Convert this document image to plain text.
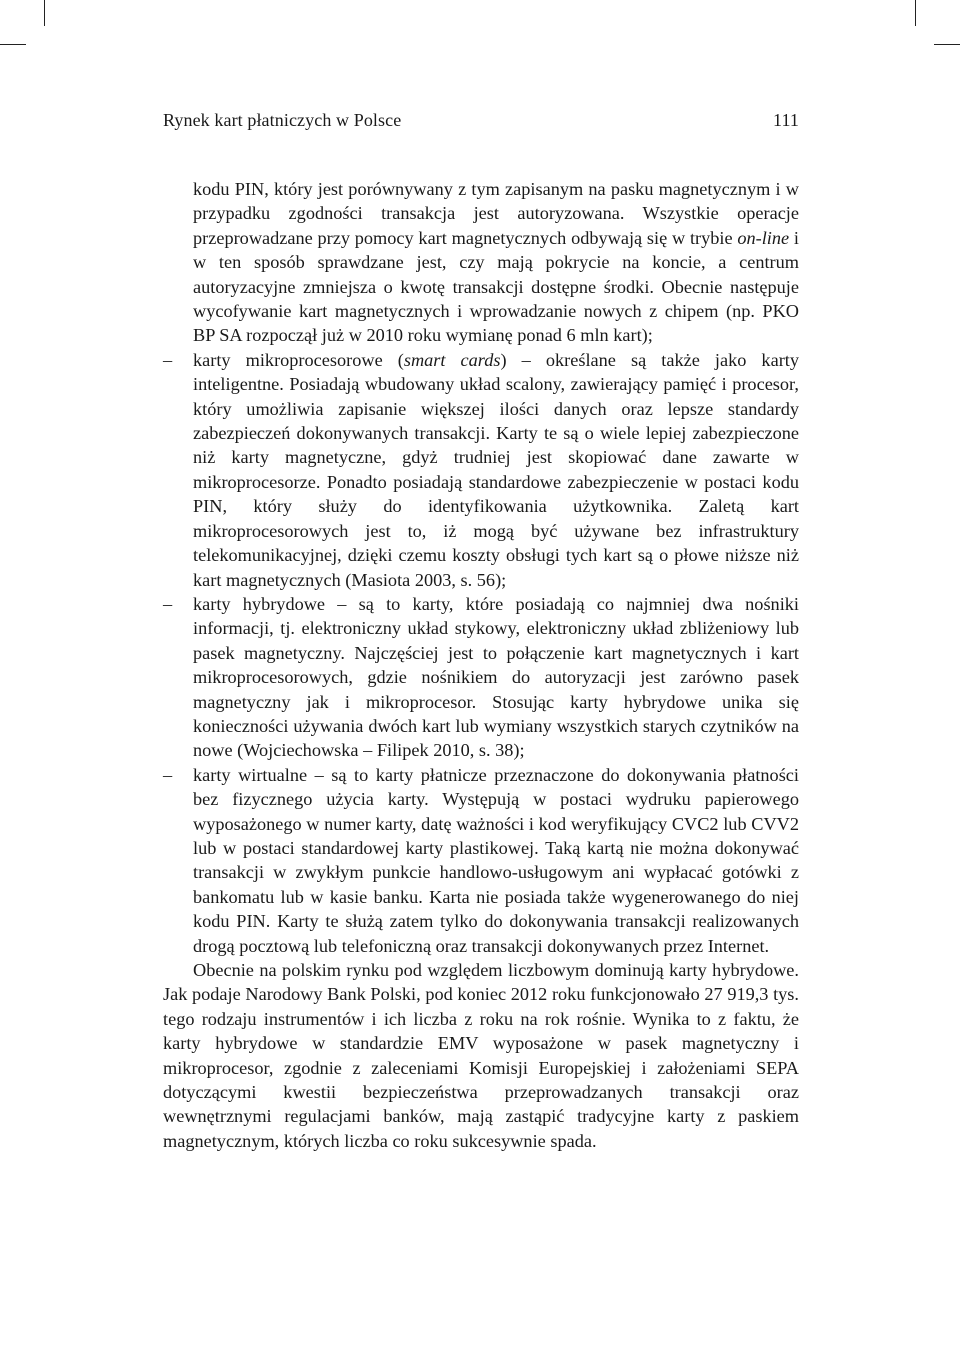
Rynek kart płatniczych w Polsce	111

kodu PIN, który jest porównywany z tym zapisanym na pasku magnetycznym i w przypadku zgodności transakcja jest autoryzowana. Wszystkie operacje przeprowadzane przy pomocy kart magnetycznych odbywają się w trybie on-line i w ten sposób sprawdzane jest, czy mają pokrycie na koncie, a centrum autoryzacyjne zmniejsza o kwotę transakcji dostępne środki. Obecnie następuje wycofywanie kart magnetycznych i wprowadzanie nowych z chipem (np. PKO BP SA rozpoczął już w 2010 roku wymianę ponad 6 mln kart);

– karty mikroprocesorowe (smart cards) – określane są także jako karty inteligentne. Posiadają wbudowany układ scalony, zawierający pamięć i procesor, który umożliwia zapisanie większej ilości danych oraz lepsze standardy zabezpieczeń dokonywanych transakcji. Karty te są o wiele lepiej zabezpieczone niż karty magnetyczne, gdyż trudniej jest skopiować dane zawarte w mikroprocesorze. Ponadto posiadają standardowe zabezpieczenie w postaci kodu PIN, który służy do identyfikowania użytkownika. Zaletą kart mikroprocesorowych jest to, iż mogą być używane bez infrastruktury telekomunikacyjnej, dzięki czemu koszty obsługi tych kart są o płowe niższe niż kart magnetycznych (Masiota 2003, s. 56);

– karty hybrydowe – są to karty, które posiadają co najmniej dwa nośniki informacji, tj. elektroniczny układ stykowy, elektroniczny układ zbliżeniowy lub pasek magnetyczny. Najczęściej jest to połączenie kart magnetycznych i kart mikroprocesorowych, gdzie nośnikiem do autoryzacji jest zarówno pasek magnetyczny jak i mikroprocesor. Stosując karty hybrydowe unika się konieczności używania dwóch kart lub wymiany wszystkich starych czytników na nowe (Wojciechowska – Filipek 2010, s. 38);

– karty wirtualne – są to karty płatnicze przeznaczone do dokonywania płatności bez fizycznego użycia karty. Występują w postaci wydruku papierowego wyposażonego w numer karty, datę ważności i kod weryfikujący CVC2 lub CVV2 lub w postaci standardowej karty plastikowej. Taką kartą nie można dokonywać transakcji w zwykłym punkcie handlowo-usługowym ani wypłacać gotówki z bankomatu lub w kasie banku. Karta nie posiada także wygenerowanego do niej kodu PIN. Karty te służą zatem tylko do dokonywania transakcji realizowanych drogą pocztową lub telefoniczną oraz transakcji dokonywanych przez Internet.

Obecnie na polskim rynku pod względem liczbowym dominują karty hybrydowe. Jak podaje Narodowy Bank Polski, pod koniec 2012 roku funkcjonowało 27 919,3 tys. tego rodzaju instrumentów i ich liczba z roku na rok rośnie. Wynika to z faktu, że karty hybrydowe w standardzie EMV wyposażone w pasek magnetyczny i mikroprocesor, zgodnie z zaleceniami Komisji Europejskiej i założeniami SEPA dotyczącymi kwestii bezpieczeństwa przeprowadzanych transakcji oraz wewnętrznymi regulacjami banków, mają zastąpić tradycyjne karty z paskiem magnetycznym, których liczba co roku sukcesywnie spada.
